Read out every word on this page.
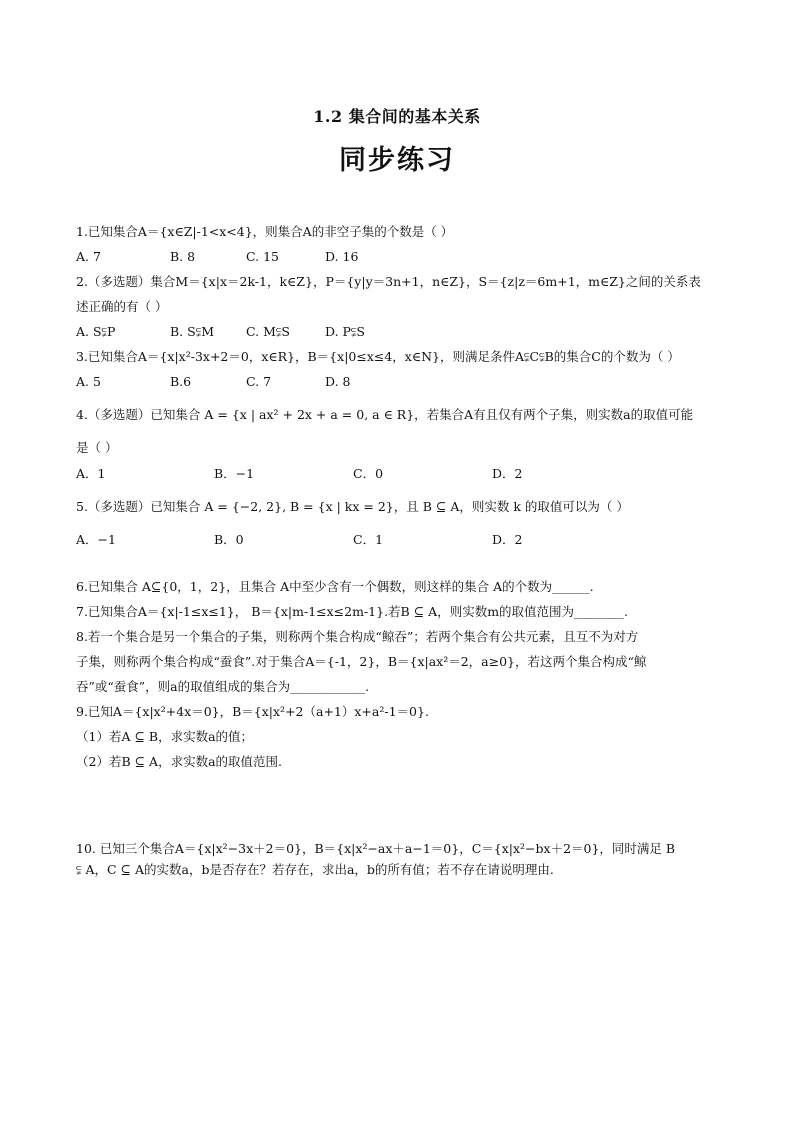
1.2 集合间的基本关系
同步练习
1.已知集合A＝{x∈Z|-1<x<4}，则集合A的非空子集的个数是（ ）
A. 7	B. 8	C. 15	D. 16
2.（多选题）集合M＝{x|x＝2k-1，k∈Z}，P＝{y|y＝3n+1，n∈Z}，S＝{z|z＝6m+1，m∈Z}之间的关系表
述正确的有（ ）
A. S⫋P	B. S⫋M	C. M⫋S	D. P⫋S
3.已知集合A＝{x|x²-3x+2＝0，x∈R}，B＝{x|0≤x≤4，x∈N}，则满足条件A⫋C⫋B的集合C的个数为（ ）
A. 5	B.6	C. 7	D. 8
4.（多选题）已知集合 A = {x | ax² + 2x + a = 0, a ∈ R}，若集合A有且仅有两个子集，则实数a的取值可能
是（ ）
A．1	B．−1	C．0	D．2
5.（多选题）已知集合 A = {−2, 2}, B = {x | kx = 2}，且 B ⊆ A，则实数 k 的取值可以为（ ）
A．−1	B．0	C．1	D．2
6.已知集合 A⊆{0，1，2}，且集合 A中至少含有一个偶数，则这样的集合 A的个数为______.
7.已知集合A＝{x|-1≤x≤1}， B＝{x|m-1≤x≤2m-1}.若B ⊆ A，则实数m的取值范围为________.
8.若一个集合是另一个集合的子集，则称两个集合构成“鲸吞”；若两个集合有公共元素，且互不为对方
子集，则称两个集合构成“蚕食”.对于集合A＝{-1，2}，B＝{x|ax²＝2，a≥0}，若这两个集合构成“鲸
吞”或“蚕食”，则a的取值组成的集合为____________.
9.已知A＝{x|x²+4x＝0}，B＝{x|x²+2（a+1）x+a²-1＝0}.
（1）若A ⊆ B，求实数a的值；
（2）若B ⊆ A，求实数a的取值范围.
10. 已知三个集合A＝{x|x²−3x＋2＝0}，B＝{x|x²−ax＋a−1＝0}，C＝{x|x²−bx＋2＝0}，同时满足 B
⫋ A，C ⊆ A的实数a，b是否存在？若存在，求出a，b的所有值；若不存在请说明理由.
